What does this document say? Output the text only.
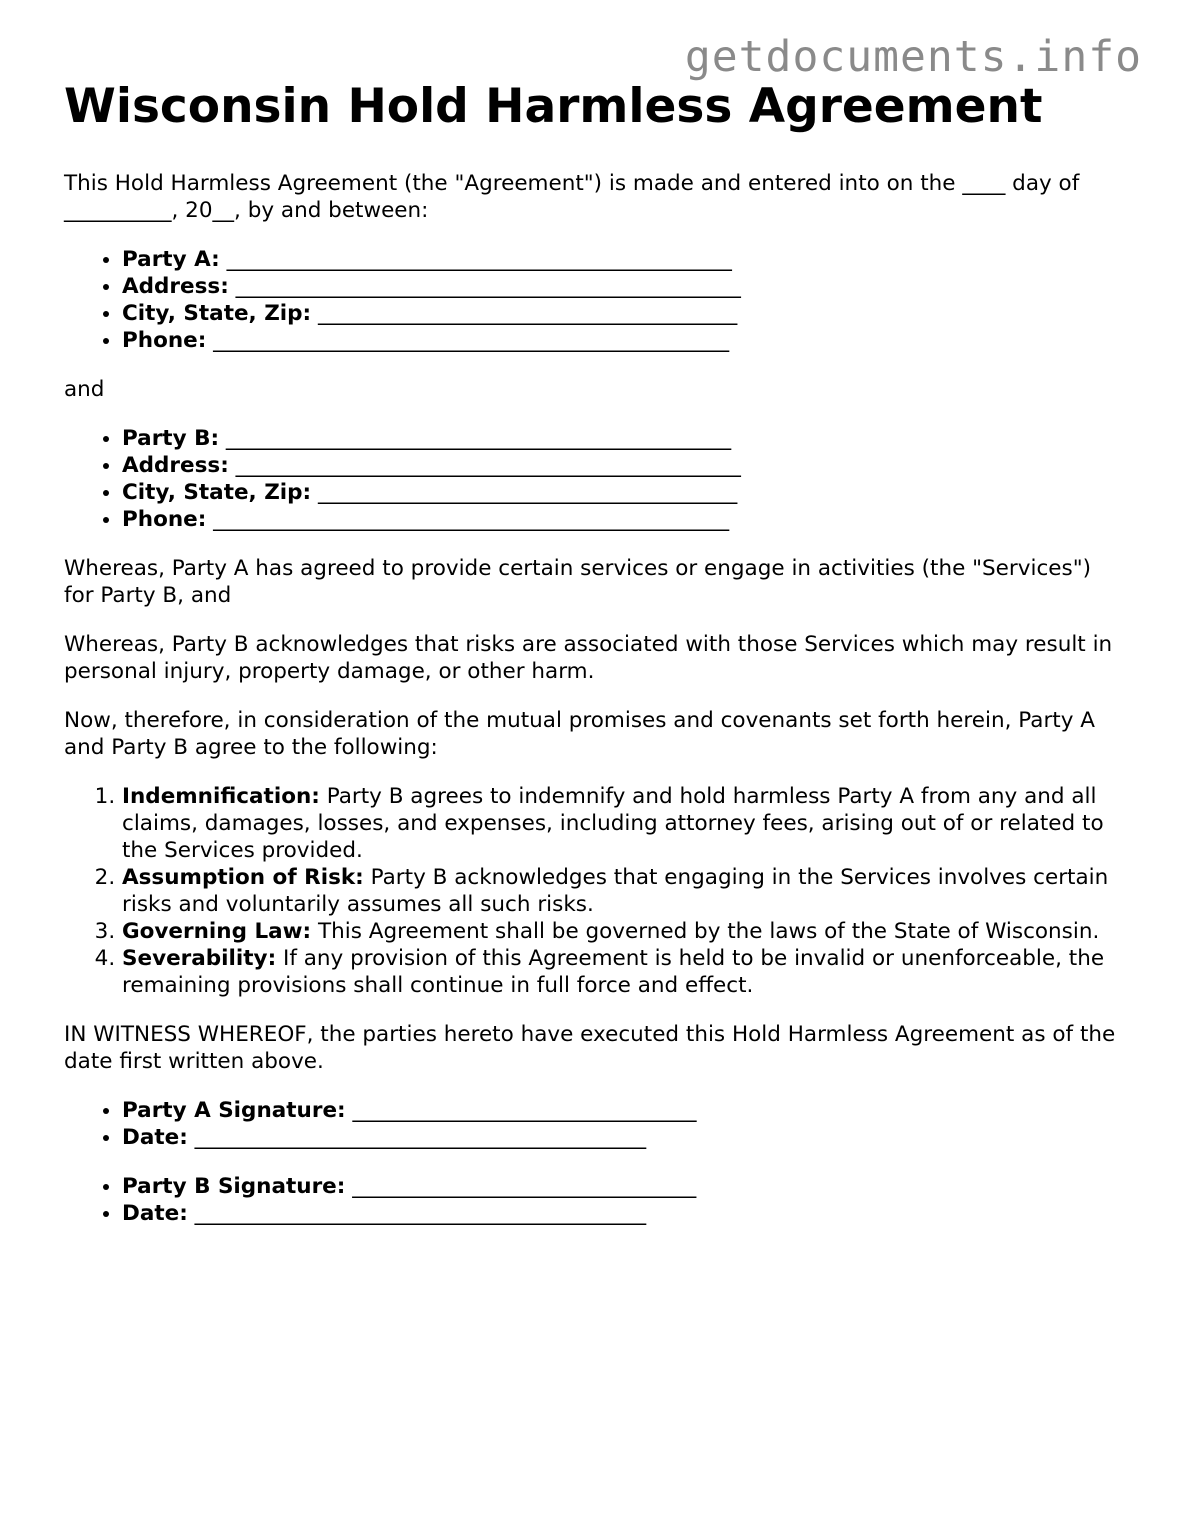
getdocuments.info
Wisconsin Hold Harmless Agreement

This Hold Harmless Agreement (the "Agreement") is made and entered into on the ____ day of __________, 20__, by and between:

• Party A: _______________________________________________
• Address: _______________________________________________
• City, State, Zip: _______________________________________
• Phone: ________________________________________________

and

• Party B: _______________________________________________
• Address: _______________________________________________
• City, State, Zip: _______________________________________
• Phone: ________________________________________________

Whereas, Party A has agreed to provide certain services or engage in activities (the "Services") for Party B, and

Whereas, Party B acknowledges that risks are associated with those Services which may result in personal injury, property damage, or other harm.

Now, therefore, in consideration of the mutual promises and covenants set forth herein, Party A and Party B agree to the following:

1. Indemnification: Party B agrees to indemnify and hold harmless Party A from any and all claims, damages, losses, and expenses, including attorney fees, arising out of or related to the Services provided.
2. Assumption of Risk: Party B acknowledges that engaging in the Services involves certain risks and voluntarily assumes all such risks.
3. Governing Law: This Agreement shall be governed by the laws of the State of Wisconsin.
4. Severability: If any provision of this Agreement is held to be invalid or unenforceable, the remaining provisions shall continue in full force and effect.

IN WITNESS WHEREOF, the parties hereto have executed this Hold Harmless Agreement as of the date first written above.

• Party A Signature: ________________________________
• Date: __________________________________________
• Party B Signature: ________________________________
• Date: __________________________________________
